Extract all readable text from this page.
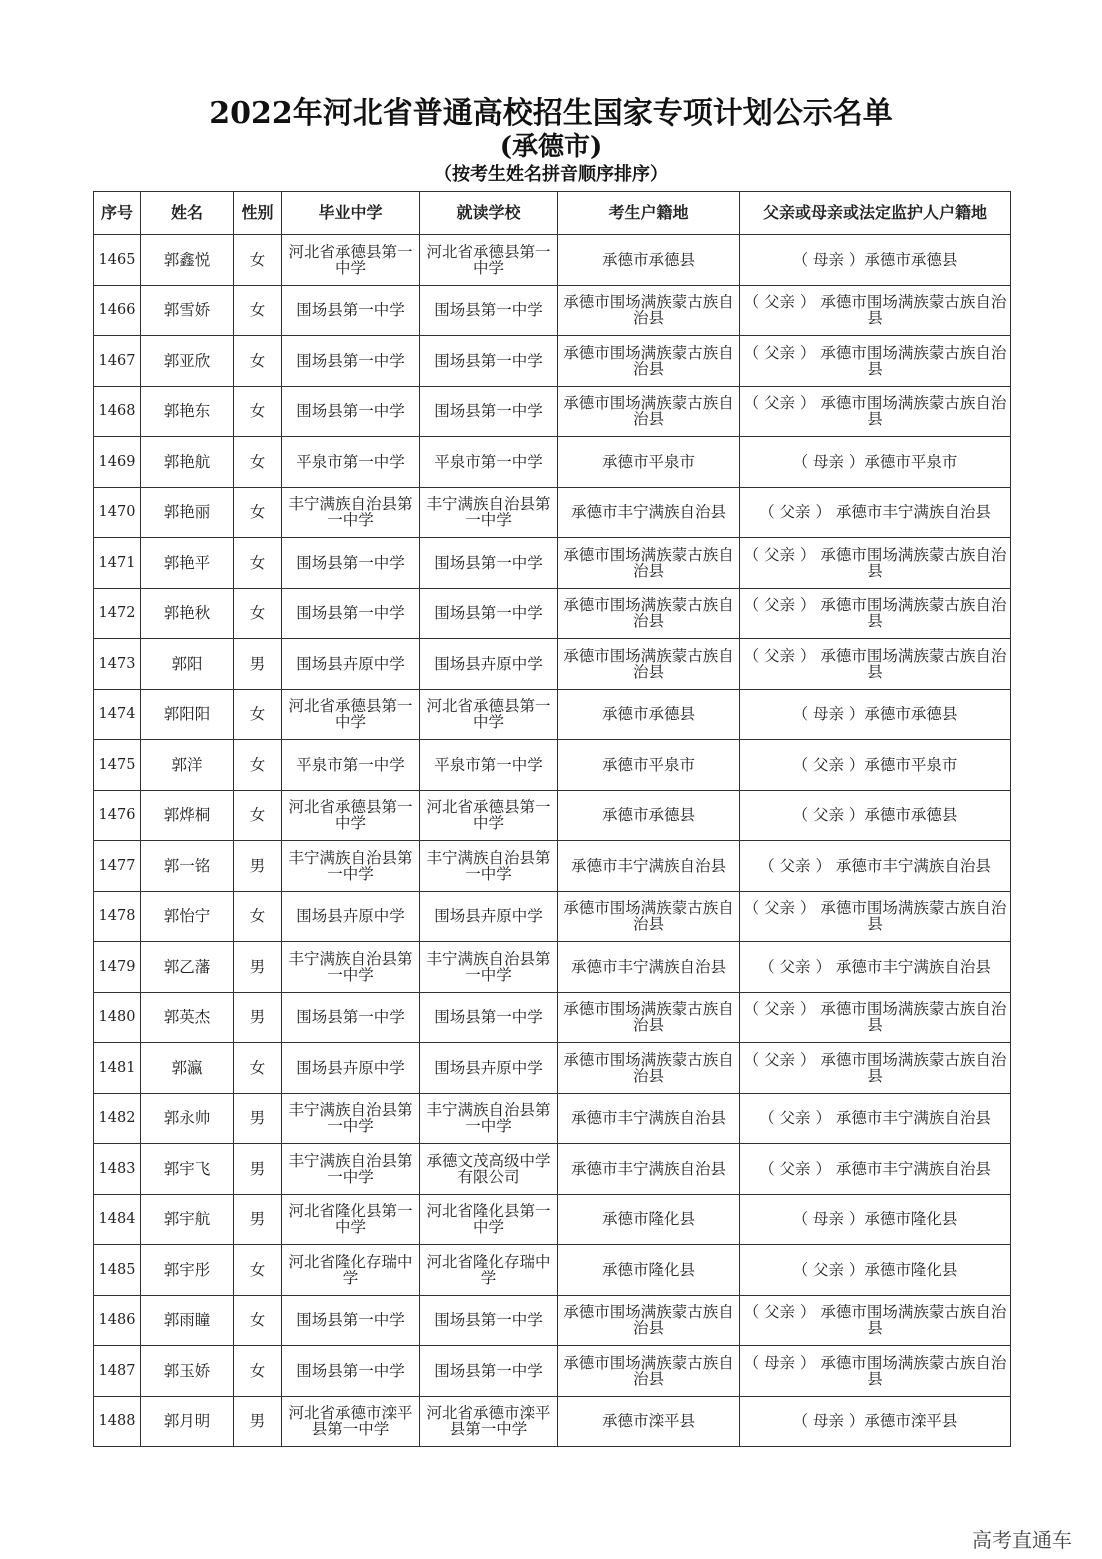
2022年河北省普通高校招生国家专项计划公示名单
(承德市)
（按考生姓名拼音顺序排序）
序号	姓名	性别	毕业中学	就读学校	考生户籍地	父亲或母亲或法定监护人户籍地
1465	郭鑫悦	女	河北省承德县第一中学	河北省承德县第一中学	承德市承德县	（ 母亲 ）承德市承德县
1466	郭雪娇	女	围场县第一中学	围场县第一中学	承德市围场满族蒙古族自治县	（ 父亲 ） 承德市围场满族蒙古族自治县
1467	郭亚欣	女	围场县第一中学	围场县第一中学	承德市围场满族蒙古族自治县	（ 父亲 ） 承德市围场满族蒙古族自治县
1468	郭艳东	女	围场县第一中学	围场县第一中学	承德市围场满族蒙古族自治县	（ 父亲 ） 承德市围场满族蒙古族自治县
1469	郭艳航	女	平泉市第一中学	平泉市第一中学	承德市平泉市	（ 母亲 ）承德市平泉市
1470	郭艳丽	女	丰宁满族自治县第一中学	丰宁满族自治县第一中学	承德市丰宁满族自治县	（ 父亲 ） 承德市丰宁满族自治县
1471	郭艳平	女	围场县第一中学	围场县第一中学	承德市围场满族蒙古族自治县	（ 父亲 ） 承德市围场满族蒙古族自治县
1472	郭艳秋	女	围场县第一中学	围场县第一中学	承德市围场满族蒙古族自治县	（ 父亲 ） 承德市围场满族蒙古族自治县
1473	郭阳	男	围场县卉原中学	围场县卉原中学	承德市围场满族蒙古族自治县	（ 父亲 ） 承德市围场满族蒙古族自治县
1474	郭阳阳	女	河北省承德县第一中学	河北省承德县第一中学	承德市承德县	（ 母亲 ）承德市承德县
1475	郭洋	女	平泉市第一中学	平泉市第一中学	承德市平泉市	（ 父亲 ）承德市平泉市
1476	郭烨桐	女	河北省承德县第一中学	河北省承德县第一中学	承德市承德县	（ 父亲 ）承德市承德县
1477	郭一铭	男	丰宁满族自治县第一中学	丰宁满族自治县第一中学	承德市丰宁满族自治县	（ 父亲 ） 承德市丰宁满族自治县
1478	郭怡宁	女	围场县卉原中学	围场县卉原中学	承德市围场满族蒙古族自治县	（ 父亲 ） 承德市围场满族蒙古族自治县
1479	郭乙藩	男	丰宁满族自治县第一中学	丰宁满族自治县第一中学	承德市丰宁满族自治县	（ 父亲 ） 承德市丰宁满族自治县
1480	郭英杰	男	围场县第一中学	围场县第一中学	承德市围场满族蒙古族自治县	（ 父亲 ） 承德市围场满族蒙古族自治县
1481	郭瀛	女	围场县卉原中学	围场县卉原中学	承德市围场满族蒙古族自治县	（ 父亲 ） 承德市围场满族蒙古族自治县
1482	郭永帅	男	丰宁满族自治县第一中学	丰宁满族自治县第一中学	承德市丰宁满族自治县	（ 父亲 ） 承德市丰宁满族自治县
1483	郭宇飞	男	丰宁满族自治县第一中学	承德文茂高级中学有限公司	承德市丰宁满族自治县	（ 父亲 ） 承德市丰宁满族自治县
1484	郭宇航	男	河北省隆化县第一中学	河北省隆化县第一中学	承德市隆化县	（ 母亲 ）承德市隆化县
1485	郭宇彤	女	河北省隆化存瑞中学	河北省隆化存瑞中学	承德市隆化县	（ 父亲 ）承德市隆化县
1486	郭雨瞳	女	围场县第一中学	围场县第一中学	承德市围场满族蒙古族自治县	（ 父亲 ） 承德市围场满族蒙古族自治县
1487	郭玉娇	女	围场县第一中学	围场县第一中学	承德市围场满族蒙古族自治县	（ 母亲 ） 承德市围场满族蒙古族自治县
1488	郭月明	男	河北省承德市滦平县第一中学	河北省承德市滦平县第一中学	承德市滦平县	（ 母亲 ）承德市滦平县
高考直通车
